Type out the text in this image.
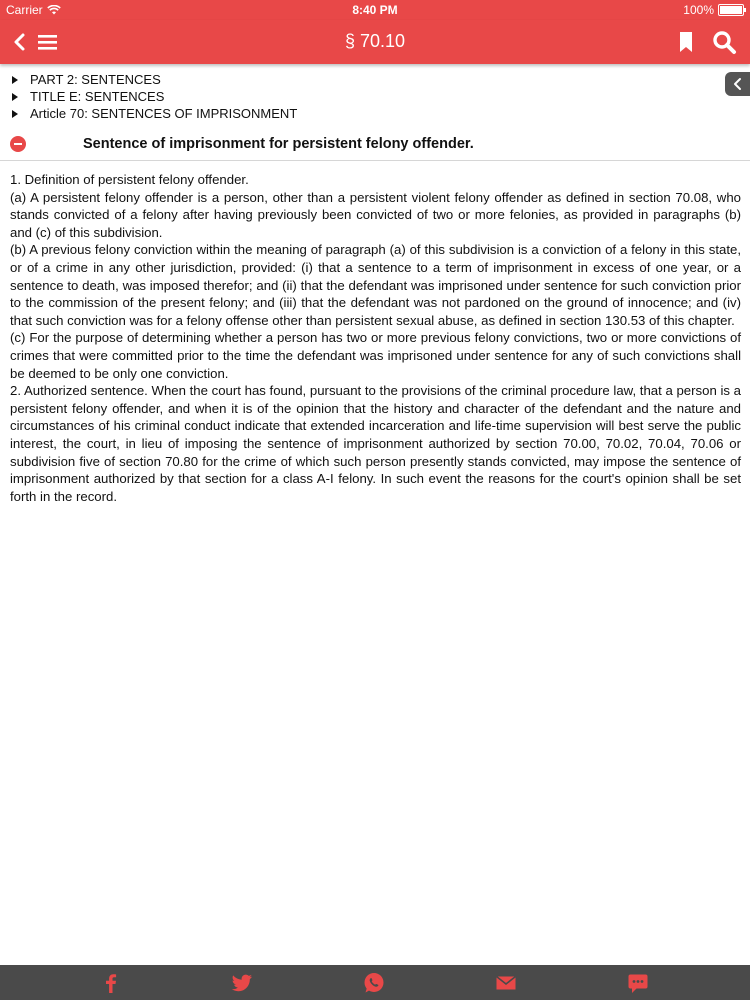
Carrier	8:40 PM	100%
§ 70.10
PART 2: SENTENCES
TITLE E: SENTENCES
Article 70: SENTENCES OF IMPRISONMENT
Sentence of imprisonment for persistent felony offender.

1. Definition of persistent felony offender.

(a) A persistent felony offender is a person, other than a persistent violent felony offender as defined in section 70.08, who stands convicted of a felony after having previously been convicted of two or more felonies, as provided in paragraphs (b) and (c) of this subdivision.

(b) A previous felony conviction within the meaning of paragraph (a) of this subdivision is a conviction of a felony in this state, or of a crime in any other jurisdiction, provided: (i) that a sentence to a term of imprisonment in excess of one year, or a sentence to death, was imposed therefor; and (ii) that the defendant was imprisoned under sentence for such conviction prior to the commission of the present felony; and (iii) that the defendant was not pardoned on the ground of innocence; and (iv) that such conviction was for a felony offense other than persistent sexual abuse, as defined in section 130.53 of this chapter.

(c) For the purpose of determining whether a person has two or more previous felony convictions, two or more convictions of crimes that were committed prior to the time the defendant was imprisoned under sentence for any of such convictions shall be deemed to be only one conviction.

2. Authorized sentence. When the court has found, pursuant to the provisions of the criminal procedure law, that a person is a persistent felony offender, and when it is of the opinion that the history and character of the defendant and the nature and circumstances of his criminal conduct indicate that extended incarceration and life-time supervision will best serve the public interest, the court, in lieu of imposing the sentence of imprisonment authorized by section 70.00, 70.02, 70.04, 70.06 or subdivision five of section 70.80 for the crime of which such person presently stands convicted, may impose the sentence of imprisonment authorized by that section for a class A-I felony. In such event the reasons for the court's opinion shall be set forth in the record.
